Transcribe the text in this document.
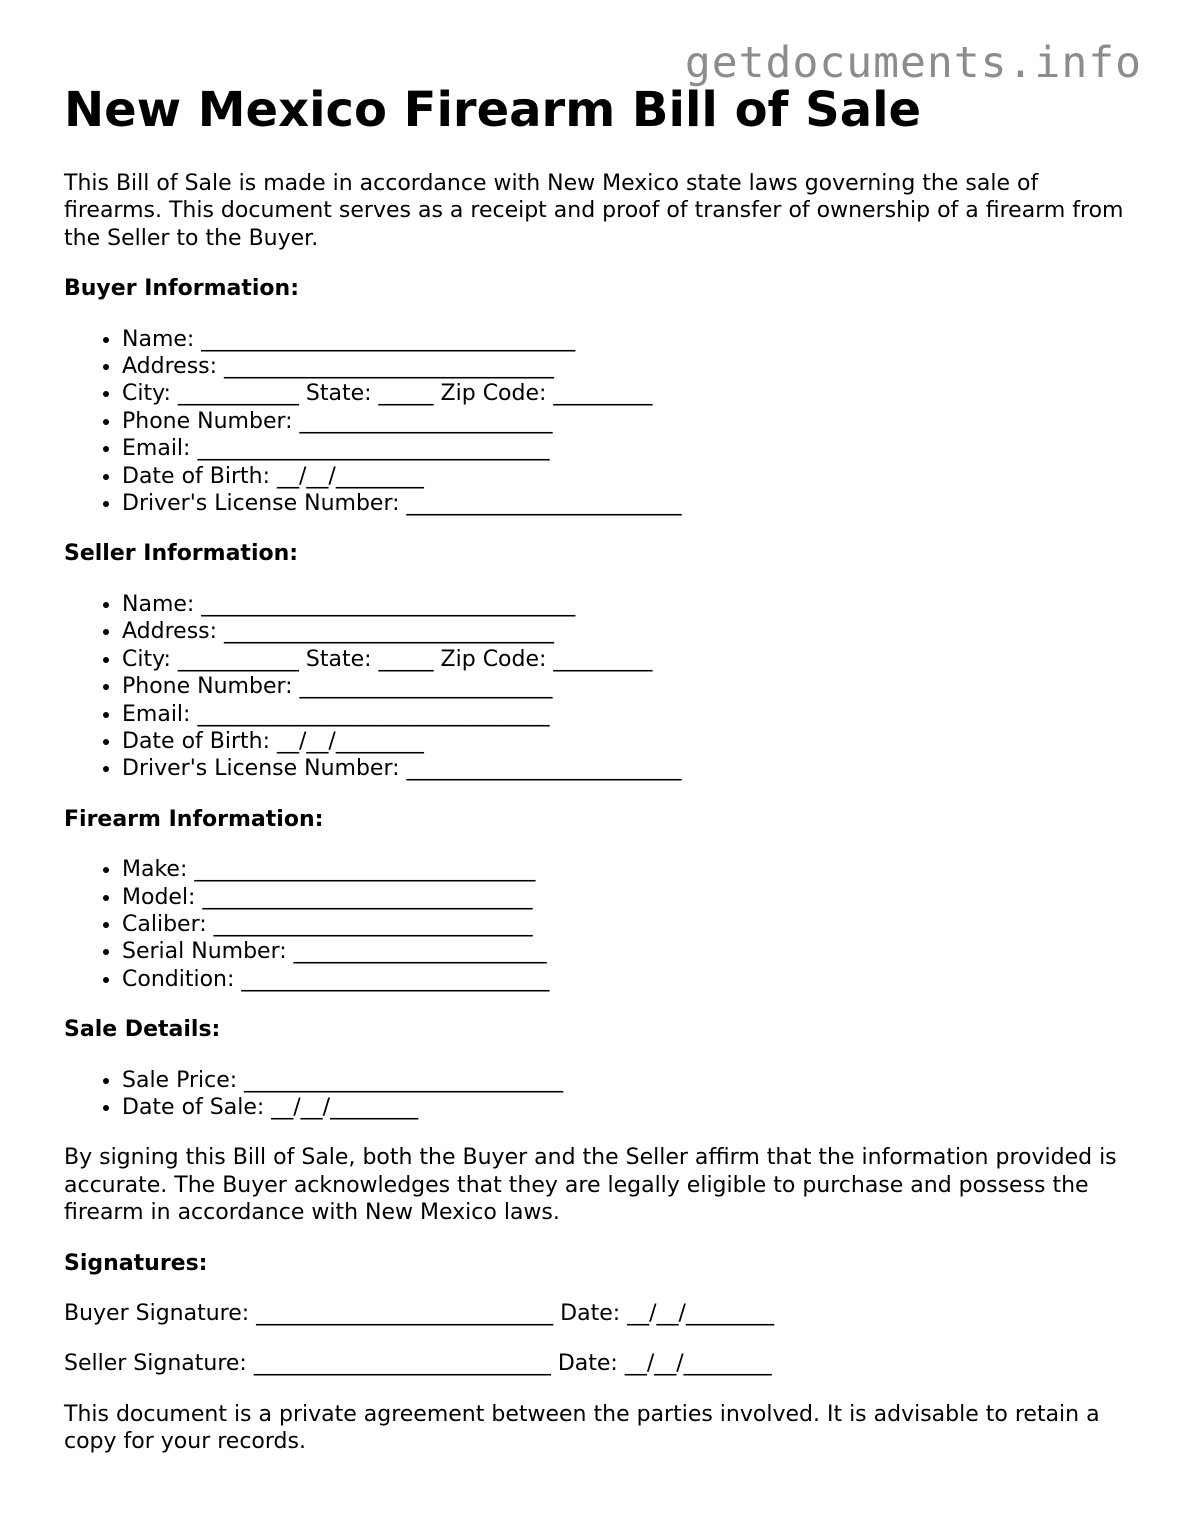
getdocuments.info
New Mexico Firearm Bill of Sale

This Bill of Sale is made in accordance with New Mexico state laws governing the sale of firearms. This document serves as a receipt and proof of transfer of ownership of a firearm from the Seller to the Buyer.

Buyer Information:

• Name: __________________________________
• Address: ______________________________
• City: ___________ State: _____ Zip Code: _________
• Phone Number: _______________________
• Email: ________________________________
• Date of Birth: __/__/________
• Driver's License Number: _________________________

Seller Information:

• Name: __________________________________
• Address: ______________________________
• City: ___________ State: _____ Zip Code: _________
• Phone Number: _______________________
• Email: ________________________________
• Date of Birth: __/__/________
• Driver's License Number: _________________________

Firearm Information:

• Make: _______________________________
• Model: ______________________________
• Caliber: _____________________________
• Serial Number: _______________________
• Condition: ____________________________

Sale Details:

• Sale Price: _____________________________
• Date of Sale: __/__/________

By signing this Bill of Sale, both the Buyer and the Seller affirm that the information provided is accurate. The Buyer acknowledges that they are legally eligible to purchase and possess the firearm in accordance with New Mexico laws.

Signatures:

Buyer Signature: ___________________________ Date: __/__/________

Seller Signature: ___________________________ Date: __/__/________

This document is a private agreement between the parties involved. It is advisable to retain a copy for your records.
